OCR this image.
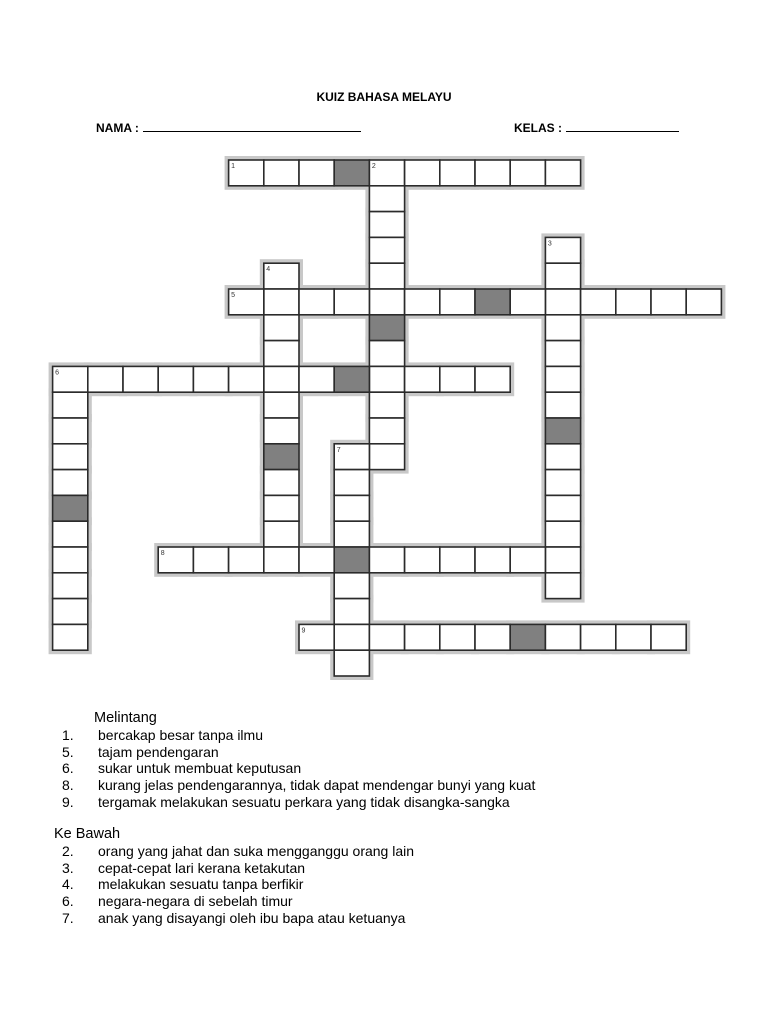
KUIZ BAHASA MELAYU
NAMA :	KELAS :
1	2
3
4
5
6
7
8
9
Melintang
1. bercakap besar tanpa ilmu
5. tajam pendengaran
6. sukar untuk membuat keputusan
8. kurang jelas pendengarannya, tidak dapat mendengar bunyi yang kuat
9. tergamak melakukan sesuatu perkara yang tidak disangka-sangka
Ke Bawah
2. orang yang jahat dan suka mengganggu orang lain
3. cepat-cepat lari kerana ketakutan
4. melakukan sesuatu tanpa berfikir
6. negara-negara di sebelah timur
7. anak yang disayangi oleh ibu bapa atau ketuanya
